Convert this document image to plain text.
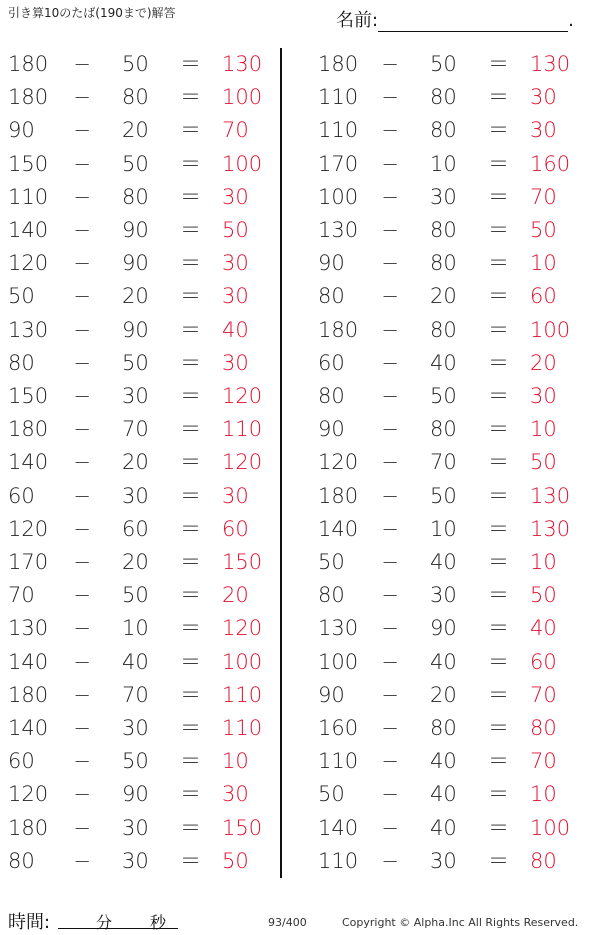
引き算10のたば(190まで)解答	名前:	.
180	− 50	＝ 130
180	− 80	＝ 100
90	− 20	＝ 70
150	− 50	＝ 100
110	− 80	＝ 30
140	− 90	＝ 50
120	− 90	＝ 30
50	− 20	＝ 30
130	− 90	＝ 40
80	− 50	＝ 30
150	− 30	＝ 120
180	− 70	＝ 110
140	− 20	＝ 120
60	− 30	＝ 30
120	− 60	＝ 60
170	− 20	＝ 150
70	− 50	＝ 20
130	− 10	＝ 120
140	− 40	＝ 100
180	− 70	＝ 110
140	− 30	＝ 110
60	− 50	＝ 10
120	− 90	＝ 30
180	− 30	＝ 150
80	− 30	＝ 50
180	− 50	＝ 130
110	− 80	＝ 30
110	− 80	＝ 30
170	− 10	＝ 160
100	− 30	＝ 70
130	− 80	＝ 50
90	− 80	＝ 10
80	− 20	＝ 60
180	− 80	＝ 100
60	− 40	＝ 20
80	− 50	＝ 30
90	− 80	＝ 10
120	− 70	＝ 50
180	− 50	＝ 130
140	− 10	＝ 130
50	− 40	＝ 10
80	− 30	＝ 50
130	− 90	＝ 40
100	− 40	＝ 60
90	− 20	＝ 70
160	− 80	＝ 80
110	− 40	＝ 70
50	− 40	＝ 10
140	− 40	＝ 100
110	− 30	＝ 80
時間:	分 秒	93/400	Copyright © Alpha.Inc All Rights Reserved.
